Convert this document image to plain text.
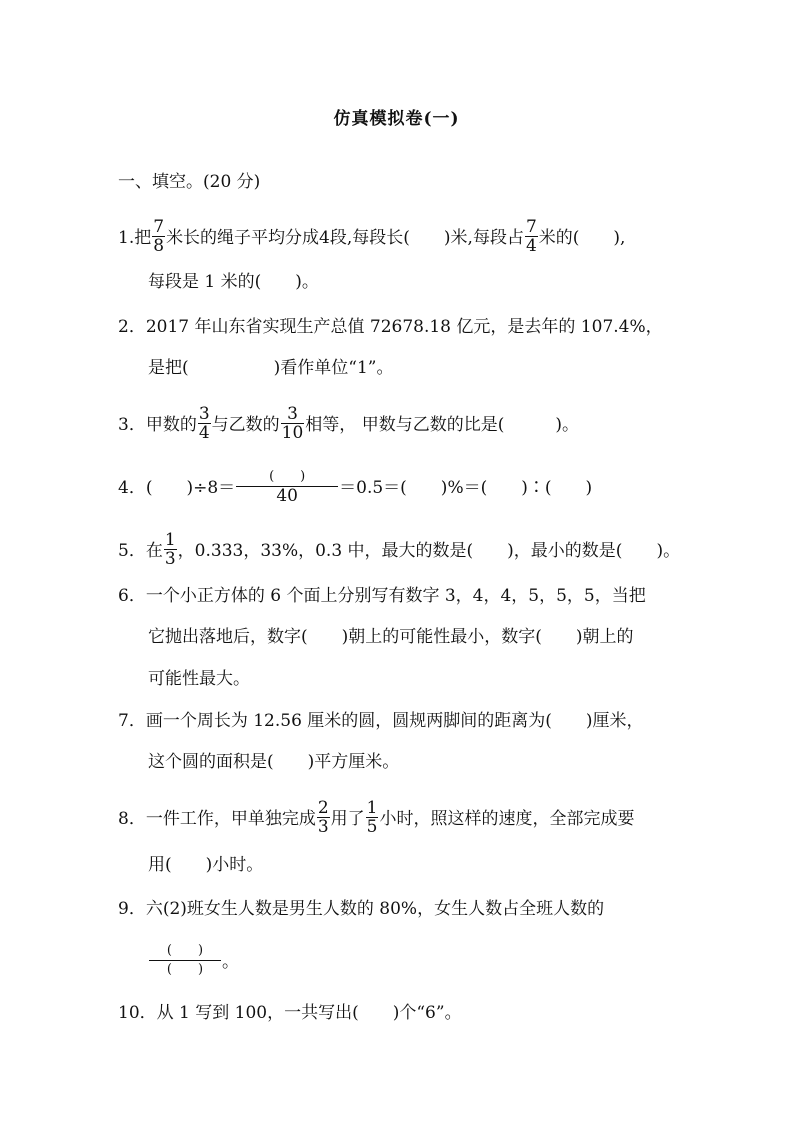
仿真模拟卷(一)
一、填空。(20 分)
1.把 $\frac{7}{8}$ 米长的绳子平均分成4段,每段长(　　)米,每段占 $\frac{7}{4}$ 米的(　　),
每段是 1 米的(　　)。
2．2017 年山东省实现生产总值 72678.18 亿元，是去年的 107.4%，
是把(　　　　　)看作单位“1”。
3．甲数的 $\frac{3}{4}$ 与乙数的 $\frac{3}{10}$ 相等， 甲数与乙数的比是(　　　)。
4．(　　)$\div 8= \frac{( )}{40} =0.5=$(　　)%＝(　　)∶(　　)
5．在 $\frac{1}{3}$ ，0.333，33%，0.3 中，最大的数是(　　)，最小的数是(　　)。
6．一个小正方体的 6 个面上分别写有数字 3，4，4，5，5，5，当把
它抛出落地后，数字(　　)朝上的可能性最小，数字(　　)朝上的
可能性最大。
7．画一个周长为 12.56 厘米的圆，圆规两脚间的距离为(　　)厘米，
这个圆的面积是(　　)平方厘米。
8．一件工作，甲单独完成 $\frac{2}{3}$ 用了 $\frac{1}{5}$ 小时，照这样的速度，全部完成要
用(　　)小时。
9．六(2)班女生人数是男生人数的 80%，女生人数占全班人数的
$\frac{( )}{( )}$ 。
10．从 1 写到 100，一共写出(　　)个“6”。
